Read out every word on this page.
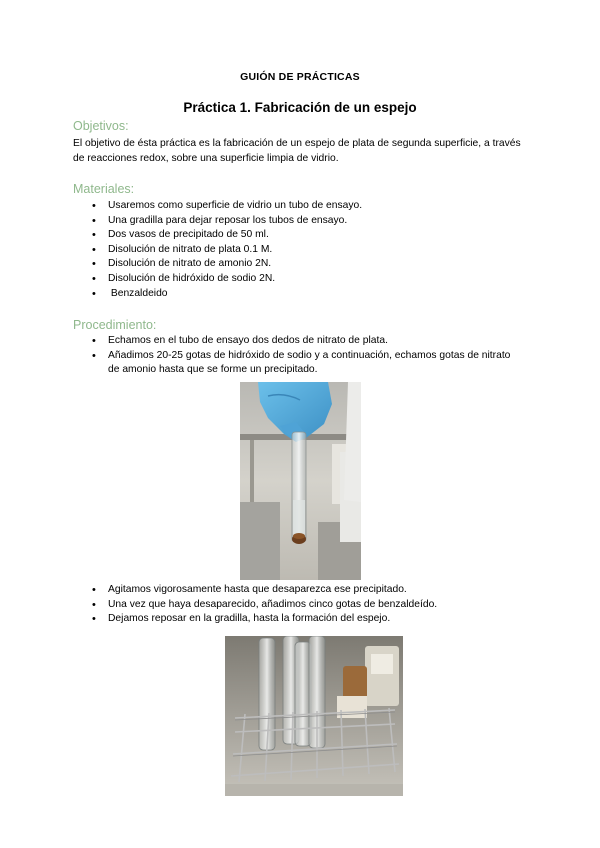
GUIÓN DE PRÁCTICAS
Práctica 1. Fabricación de un espejo
Objetivos:
El objetivo de ésta práctica es la fabricación de un espejo de plata de segunda superficie, a través de reacciones redox, sobre una superficie limpia de vidrio.
Materiales:
• Usaremos como superficie de vidrio un tubo de ensayo.
• Una gradilla para dejar reposar los tubos de ensayo.
• Dos vasos de precipitado de 50 ml.
• Disolución de nitrato de plata 0.1 M.
• Disolución de nitrato de amonio 2N.
• Disolución de hidróxido de sodio 2N.
•  Benzaldeido
Procedimiento:
• Echamos en el tubo de ensayo dos dedos de nitrato de plata.
• Añadimos 20-25 gotas de hidróxido de sodio y a continuación, echamos gotas de nitrato de amonio hasta que se forme un precipitado.
• Agitamos vigorosamente hasta que desaparezca ese precipitado.
• Una vez que haya desaparecido, añadimos cinco gotas de benzaldeído.
• Dejamos reposar en la gradilla, hasta la formación del espejo.
